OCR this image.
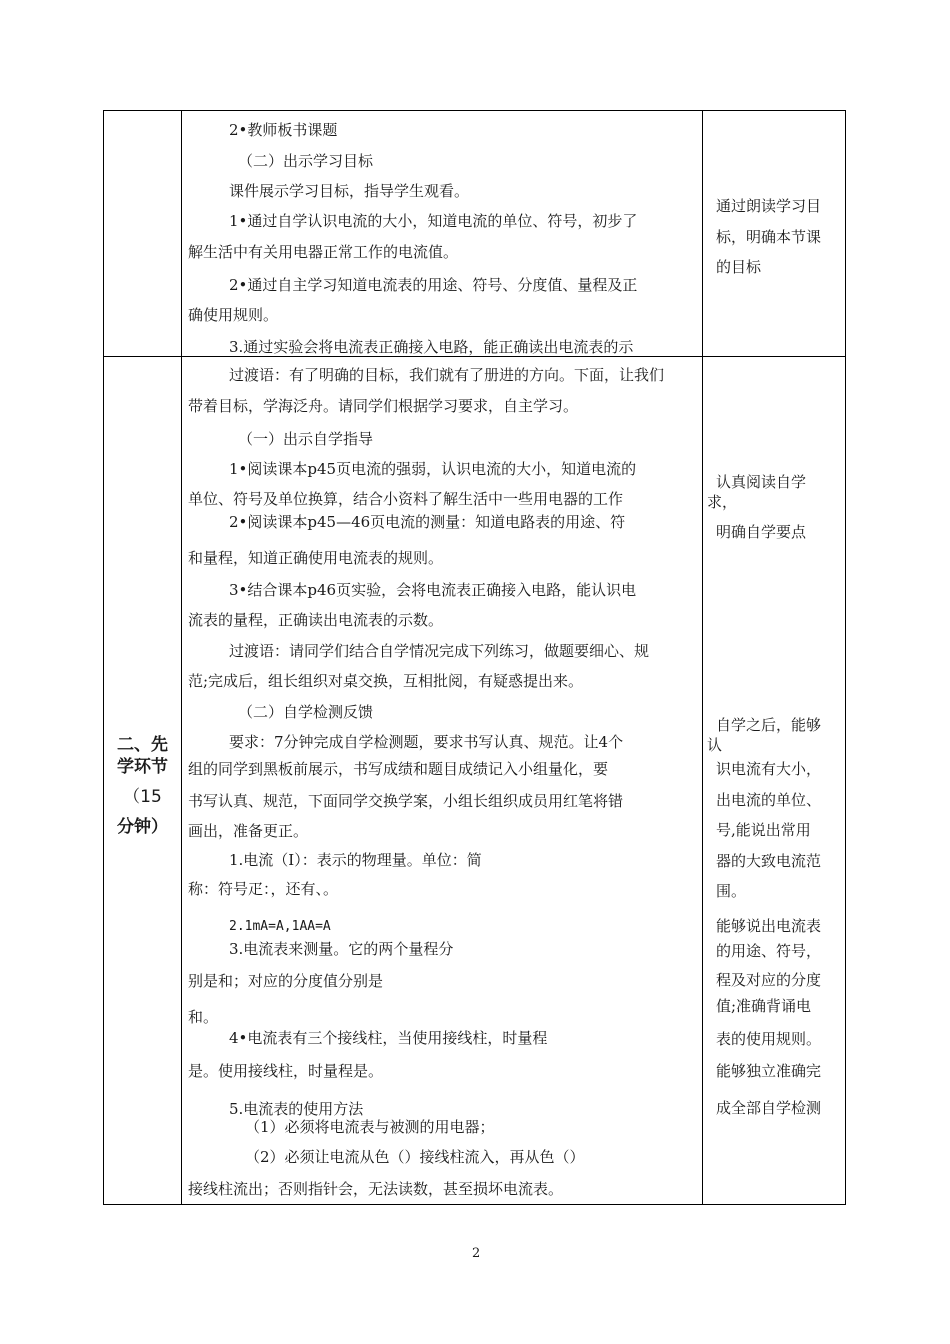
2•教师板书课题
（二）出示学习目标
课件展示学习目标，指导学生观看。
1•通过自学认识电流的大小，知道电流的单位、符号，初步了
解生活中有关用电器正常工作的电流值。
2•通过自主学习知道电流表的用途、符号、分度值、量程及正
确使用规则。
3.通过实验会将电流表正确接入电路，能正确读出电流表的示
通过朗读学习目
标，明确本节课
的目标
二、先
学环节
（15
分钟）
过渡语：有了明确的目标，我们就有了册进的方向。下面，让我们
带着目标，学海泛舟。请同学们根据学习要求，自主学习。
（一）出示自学指导
1•阅读课本p45页电流的强弱，认识电流的大小，知道电流的
单位、符号及单位换算，结合小资料了解生活中一些用电器的工作
2•阅读课本p45—46页电流的测量：知道电路表的用途、符
和量程，知道正确使用电流表的规则。
3•结合课本p46页实验，会将电流表正确接入电路，能认识电
流表的量程，正确读出电流表的示数。
过渡语：请同学们结合自学情况完成下列练习，做题要细心、规
范;完成后，组长组织对桌交换，互相批阅，有疑惑提出来。
（二）自学检测反馈
要求：7分钟完成自学检测题，要求书写认真、规范。让4个
组的同学到黑板前展示，书写成绩和题目成绩记入小组量化，要
书写认真、规范，下面同学交换学案，小组长组织成员用红笔将错
画出，准备更正。
1.电流（I）：表示的物理量。单位：简
称：符号疋：，还有、。
2.1mA=A,1AA=A
3.电流表来测量。它的两个量程分
别是和；对应的分度值分别是
和。
4•电流表有三个接线柱，当使用接线柱，时量程
是。使用接线柱，时量程是。
5.电流表的使用方法
（1）必须将电流表与被测的用电器；
（2）必须让电流从色（）接线柱流入，再从色（）
接线柱流出；否则指针会，无法读数，甚至损坏电流表。
认真阅读自学
求，
明确自学要点
自学之后，能够
认
识电流有大小，
出电流的单位、
号,能说出常用
器的大致电流范
围。
能够说出电流表
的用途、符号，
程及对应的分度
值;准确背诵电
表的使用规则。
能够独立准确完
成全部自学检测
2
